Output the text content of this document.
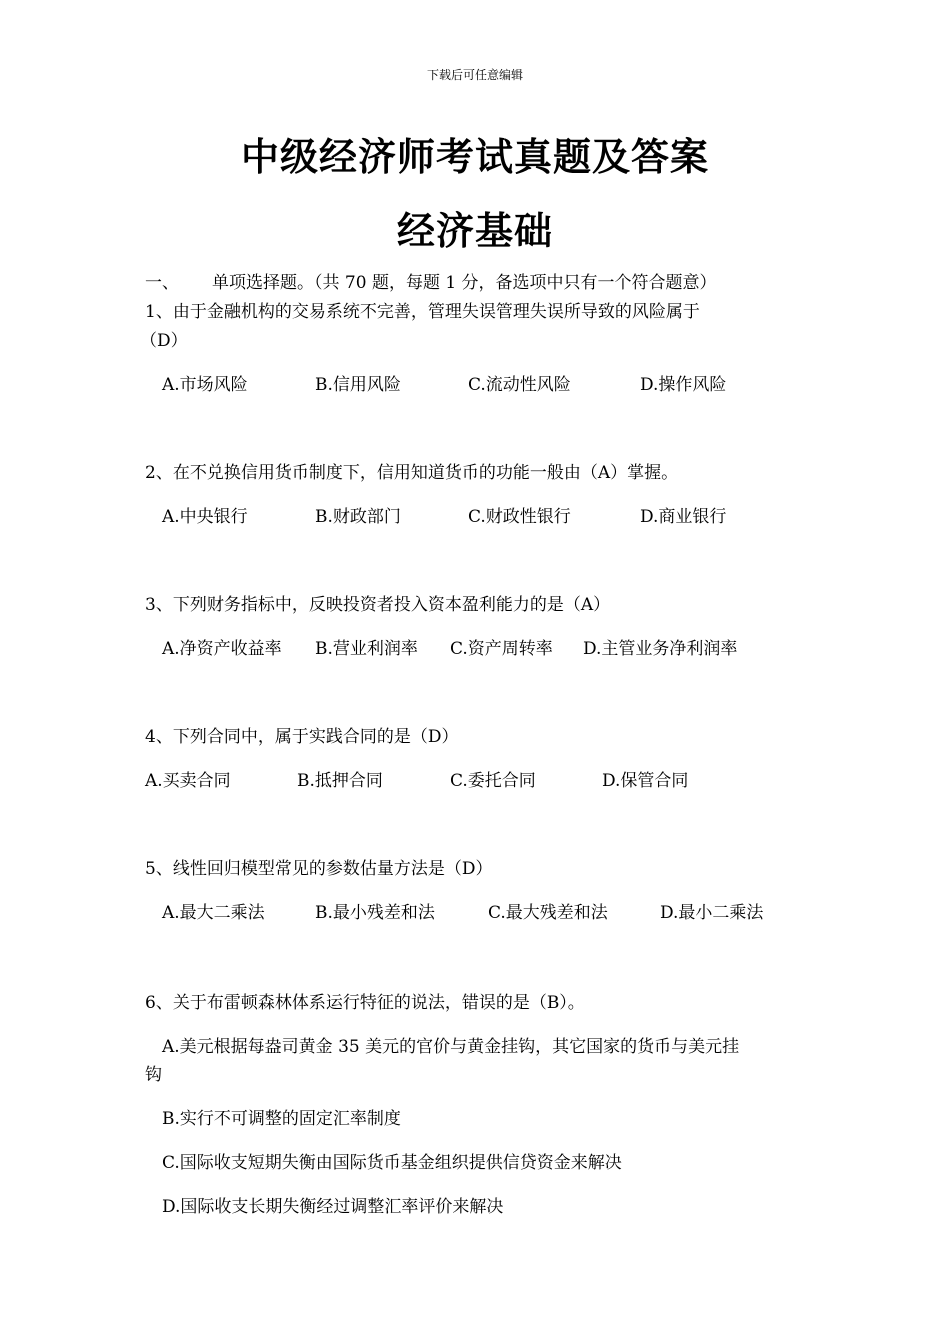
下载后可任意编辑
中级经济师考试真题及答案
经济基础
一、 单项选择题。（共 70 题，每题 1 分，备选项中只有一个符合题意）
1、由于金融机构的交易系统不完善，管理失误管理失误所导致的风险属于
（D）
A.市场风险	B.信用风险	C.流动性风险	D.操作风险
2、在不兑换信用货币制度下，信用知道货币的功能一般由（A）掌握。
A.中央银行	B.财政部门	C.财政性银行	D.商业银行
3、下列财务指标中，反映投资者投入资本盈利能力的是（A）
A.净资产收益率 B.营业利润率 C.资产周转率 D.主管业务净利润率
4、下列合同中，属于实践合同的是（D）
A.买卖合同	B.抵押合同	C.委托合同	D.保管合同
5、线性回归模型常见的参数估量方法是（D）
A.最大二乘法	B.最小残差和法	C.最大残差和法	D.最小二乘法
6、关于布雷顿森林体系运行特征的说法，错误的是（B）。
A.美元根据每盎司黄金 35 美元的官价与黄金挂钩，其它国家的货币与美元挂
钩
B.实行不可调整的固定汇率制度
C.国际收支短期失衡由国际货币基金组织提供信贷资金来解决
D.国际收支长期失衡经过调整汇率评价来解决
